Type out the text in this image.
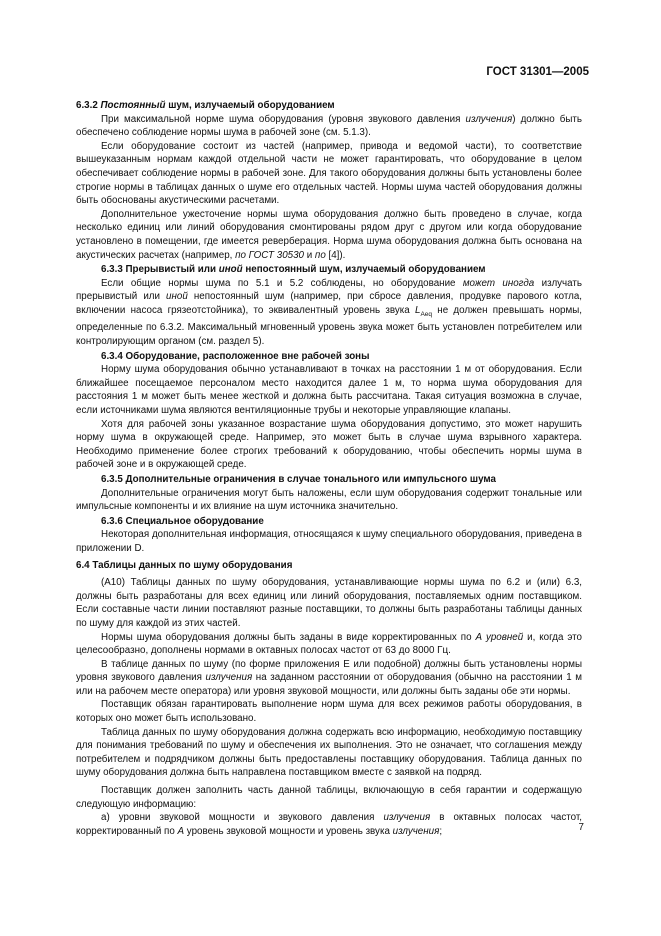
ГОСТ 31301—2005

6.3.2 Постоянный шум, излучаемый оборудованием

При максимальной норме шума оборудования (уровня звукового давления излучения) должно быть обеспечено соблюдение нормы шума в рабочей зоне (см. 5.1.3).

Если оборудование состоит из частей (например, привода и ведомой части), то соответствие вышеуказанным нормам каждой отдельной части не может гарантировать, что оборудование в целом обеспечивает соблюдение нормы в рабочей зоне. Для такого оборудования должны быть установлены более строгие нормы в таблицах данных о шуме его отдельных частей. Нормы шума частей оборудования должны быть обоснованы акустическими расчетами.

Дополнительное ужесточение нормы шума оборудования должно быть проведено в случае, когда несколько единиц или линий оборудования смонтированы рядом друг с другом или когда оборудование установлено в помещении, где имеется реверберация. Норма шума оборудования должна быть основана на акустических расчетах (например, по ГОСТ 30530 и по [4]).

6.3.3 Прерывистый или иной непостоянный шум, излучаемый оборудованием

Если общие нормы шума по 5.1 и 5.2 соблюдены, но оборудование может иногда излучать прерывистый или иной непостоянный шум (например, при сбросе давления, продувке парового котла, включении насоса грязеотстойника), то эквивалентный уровень звука $L_{Aeq}$ не должен превышать нормы, определенные по 6.3.2. Максимальный мгновенный уровень звука может быть установлен потребителем или контролирующим органом (см. раздел 5).

6.3.4 Оборудование, расположенное вне рабочей зоны

Норму шума оборудования обычно устанавливают в точках на расстоянии 1 м от оборудования. Если ближайшее посещаемое персоналом место находится далее 1 м, то норма шума оборудования для расстояния 1 м может быть менее жесткой и должна быть рассчитана. Такая ситуация возможна в случае, если источниками шума являются вентиляционные трубы и некоторые управляющие клапаны.

Хотя для рабочей зоны указанное возрастание шума оборудования допустимо, это может нарушить норму шума в окружающей среде. Например, это может быть в случае шума взрывного характера. Необходимо применение более строгих требований к оборудованию, чтобы обеспечить нормы шума в рабочей зоне и в окружающей среде.

6.3.5 Дополнительные ограничения в случае тонального или импульсного шума

Дополнительные ограничения могут быть наложены, если шум оборудования содержит тональные или импульсные компоненты и их влияние на шум источника значительно.

6.3.6 Специальное оборудование

Некоторая дополнительная информация, относящаяся к шуму специального оборудования, приведена в приложении D.

6.4 Таблицы данных по шуму оборудования

(А10) Таблицы данных по шуму оборудования, устанавливающие нормы шума по 6.2 и (или) 6.3, должны быть разработаны для всех единиц или линий оборудования, поставляемых одним поставщиком. Если составные части линии поставляют разные поставщики, то должны быть разработаны таблицы данных по шуму для каждой из этих частей.

Нормы шума оборудования должны быть заданы в виде корректированных по А уровней и, когда это целесообразно, дополнены нормами в октавных полосах частот от 63 до 8000 Гц.

В таблице данных по шуму (по форме приложения Е или подобной) должны быть установлены нормы уровня звукового давления излучения на заданном расстоянии от оборудования (обычно на расстоянии 1 м или на рабочем месте оператора) или уровня звуковой мощности, или должны быть заданы обе эти нормы.

Поставщик обязан гарантировать выполнение норм шума для всех режимов работы оборудования, в которых оно может быть использовано.

Таблица данных по шуму оборудования должна содержать всю информацию, необходимую поставщику для понимания требований по шуму и обеспечения их выполнения. Это не означает, что соглашения между потребителем и подрядчиком должны быть предоставлены поставщику оборудования. Таблица данных по шуму оборудования должна быть направлена поставщиком вместе с заявкой на подряд.

Поставщик должен заполнить часть данной таблицы, включающую в себя гарантии и содержащую следующую информацию:

а) уровни звуковой мощности и звукового давления излучения в октавных полосах частот, корректированный по А уровень звуковой мощности и уровень звука излучения;	7
